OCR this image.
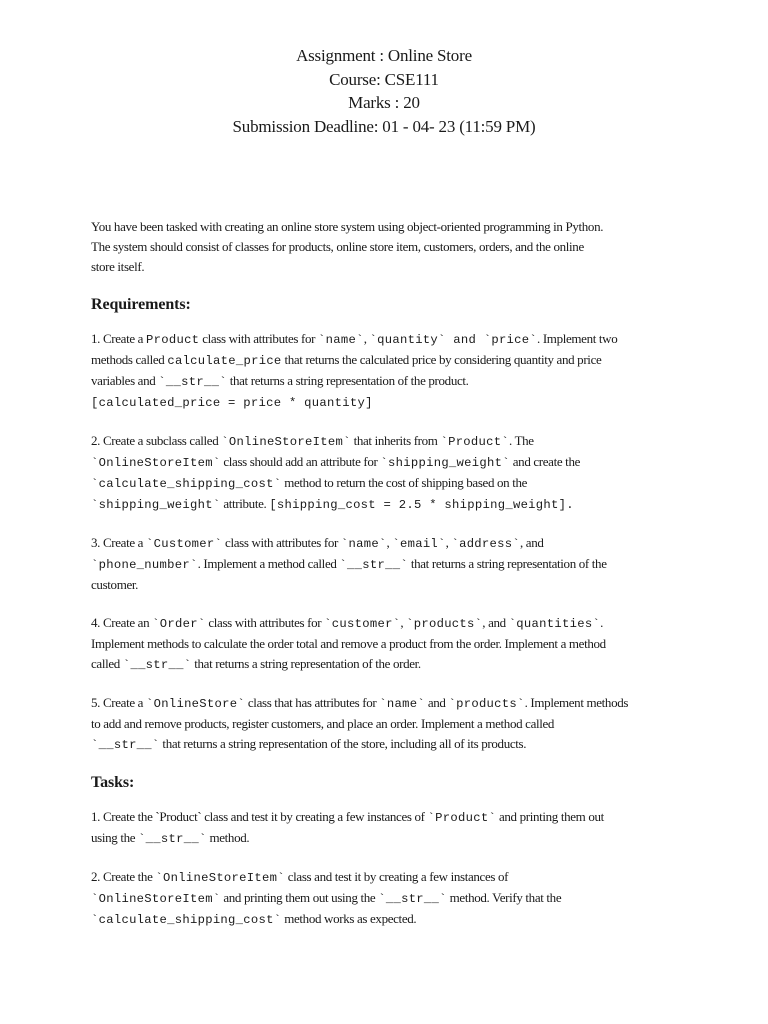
Assignment : Online Store
Course: CSE111
Marks : 20
Submission Deadline: 01 - 04- 23 (11:59 PM)

You have been tasked with creating an online store system using object-oriented programming in Python.
The system should consist of classes for products, online store item, customers, orders, and the online
store itself.

Requirements:

1. Create a Product class with attributes for `name`, `quantity` and `price`. Implement two
methods called calculate_price that returns the calculated price by considering quantity and price
variables and `__str__` that returns a string representation of the product.
[calculated_price = price * quantity]

2. Create a subclass called `OnlineStoreItem` that inherits from `Product`. The
`OnlineStoreItem` class should add an attribute for `shipping_weight` and create the
`calculate_shipping_cost` method to return the cost of shipping based on the
`shipping_weight` attribute. [shipping_cost = 2.5 * shipping_weight].

3. Create a `Customer` class with attributes for `name`, `email`, `address`, and
`phone_number`. Implement a method called `__str__` that returns a string representation of the
customer.

4. Create an `Order` class with attributes for `customer`, `products`, and `quantities`.
Implement methods to calculate the order total and remove a product from the order. Implement a method
called `__str__` that returns a string representation of the order.

5. Create a `OnlineStore` class that has attributes for `name` and `products`. Implement methods
to add and remove products, register customers, and place an order. Implement a method called
`__str__` that returns a string representation of the store, including all of its products.

Tasks:

1. Create the `Product` class and test it by creating a few instances of `Product` and printing them out
using the `__str__` method.

2. Create the `OnlineStoreItem` class and test it by creating a few instances of
`OnlineStoreItem` and printing them out using the `__str__` method. Verify that the
`calculate_shipping_cost` method works as expected.
